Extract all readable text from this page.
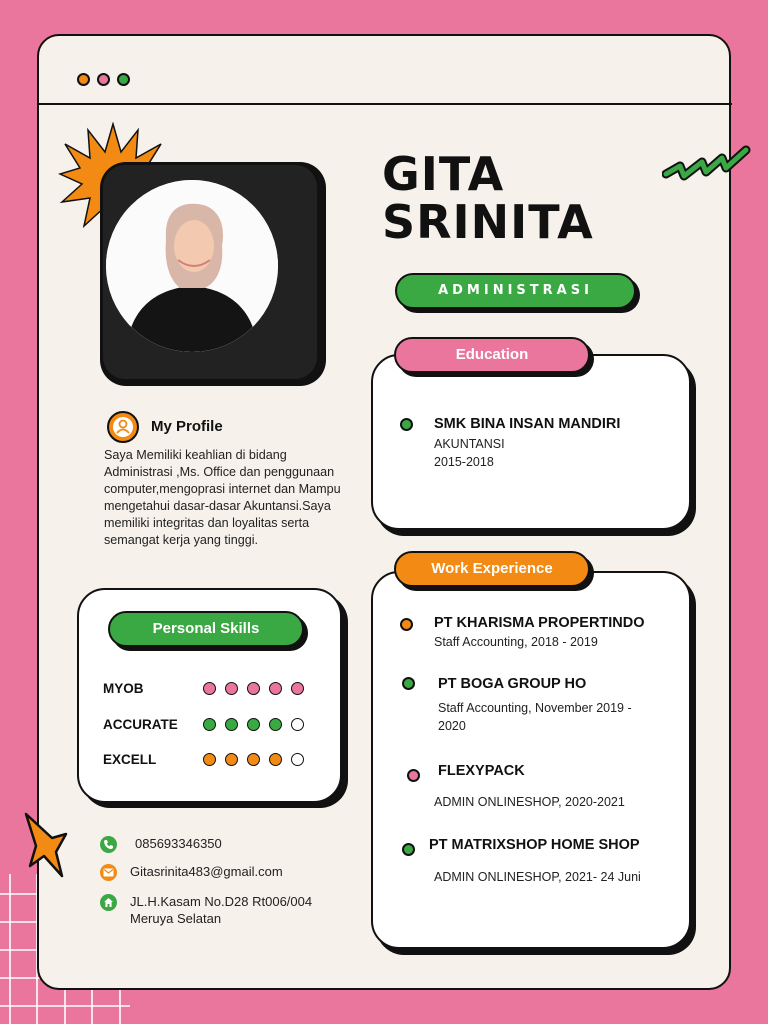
GITA
SRINITA
ADMINISTRASI
My Profile
Saya Memiliki keahlian di bidang Administrasi ,Ms. Office dan penggunaan computer,mengoprasi internet dan Mampu mengetahui dasar-dasar Akuntansi.Saya memiliki integritas dan loyalitas serta semangat kerja yang tinggi.
Personal Skills
MYOB
ACCURATE
EXCELL
085693346350
Gitasrinita483@gmail.com
JL.H.Kasam No.D28 Rt006/004
Meruya Selatan
Education
SMK BINA INSAN MANDIRI
AKUNTANSI
2015-2018
Work Experience
PT KHARISMA PROPERTINDO
Staff Accounting, 2018 - 2019
PT BOGA GROUP HO
Staff Accounting, November 2019 -
2020
FLEXYPACK
ADMIN ONLINESHOP, 2020-2021
PT MATRIXSHOP HOME SHOP
ADMIN ONLINESHOP, 2021- 24 Juni
